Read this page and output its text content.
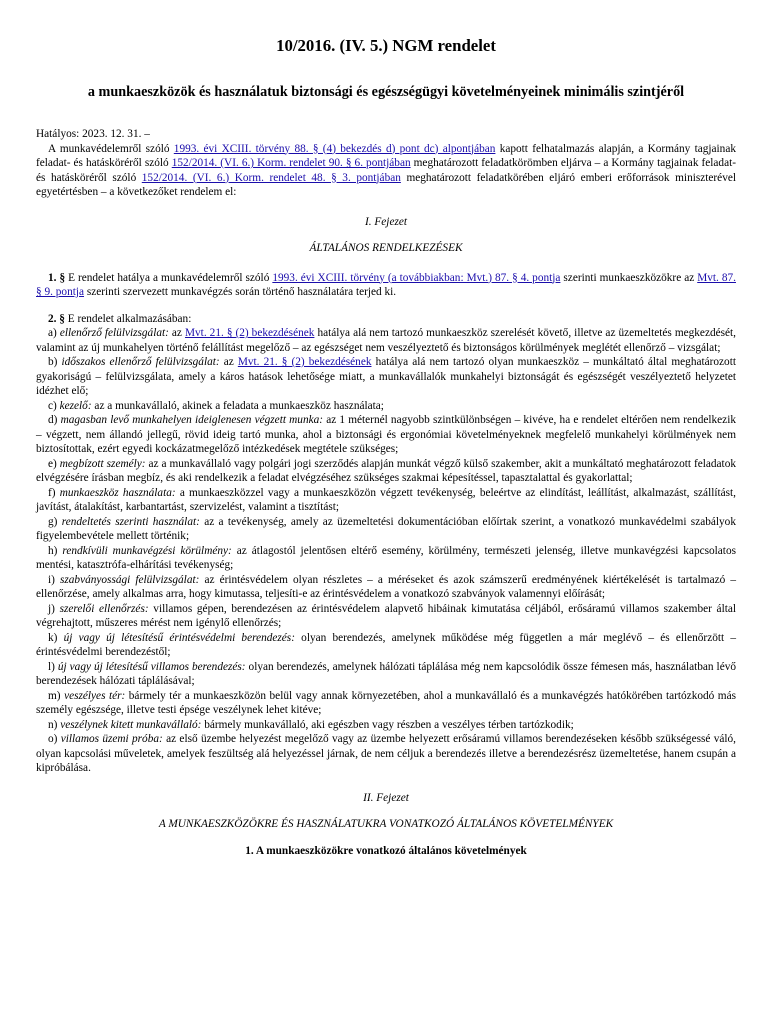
10/2016. (IV. 5.) NGM rendelet
a munkaeszközök és használatuk biztonsági és egészségügyi követelményeinek minimális szintjéről

Hatályos: 2023. 12. 31. –

A munkavédelemről szóló 1993. évi XCIII. törvény 88. § (4) bekezdés d) pont dc) alpontjában kapott felhatalmazás alapján, a Kormány tagjainak feladat- és hatásköréről szóló 152/2014. (VI. 6.) Korm. rendelet 90. § 6. pontjában meghatározott feladatkörömben eljárva – a Kormány tagjainak feladat- és hatásköréről szóló 152/2014. (VI. 6.) Korm. rendelet 48. § 3. pontjában meghatározott feladatkörében eljáró emberi erőforrások miniszterével egyetértésben – a következőket rendelem el:

I. Fejezet

ÁLTALÁNOS RENDELKEZÉSEK

1. § E rendelet hatálya a munkavédelemről szóló 1993. évi XCIII. törvény (a továbbiakban: Mvt.) 87. § 4. pontja szerinti munkaeszközökre az Mvt. 87. § 9. pontja szerinti szervezett munkavégzés során történő használatára terjed ki.

2. § E rendelet alkalmazásában:

a) ellenőrző felülvizsgálat: az Mvt. 21. § (2) bekezdésének hatálya alá nem tartozó munkaeszköz szerelését követő, illetve az üzemeltetés megkezdését, valamint az új munkahelyen történő felállítást megelőző – az egészséget nem veszélyeztető és biztonságos körülmények meglétét ellenőrző – vizsgálat;

b) időszakos ellenőrző felülvizsgálat: az Mvt. 21. § (2) bekezdésének hatálya alá nem tartozó olyan munkaeszköz – munkáltató által meghatározott gyakoriságú – felülvizsgálata, amely a káros hatások lehetősége miatt, a munkavállalók munkahelyi biztonságát és egészségét veszélyeztető helyzetet idézhet elő;

c) kezelő: az a munkavállaló, akinek a feladata a munkaeszköz használata;

d) magasban levő munkahelyen ideiglenesen végzett munka: az 1 méternél nagyobb szintkülönbségen – kivéve, ha e rendelet eltérően nem rendelkezik – végzett, nem állandó jellegű, rövid ideig tartó munka, ahol a biztonsági és ergonómiai követelményeknek megfelelő munkahelyi körülmények nem biztosítottak, ezért egyedi kockázatmegelőző intézkedések megtétele szükséges;

e) megbízott személy: az a munkavállaló vagy polgári jogi szerződés alapján munkát végző külső szakember, akit a munkáltató meghatározott feladatok elvégzésére írásban megbíz, és aki rendelkezik a feladat elvégzéséhez szükséges szakmai képesítéssel, tapasztalattal és gyakorlattal;

f) munkaeszköz használata: a munkaeszközzel vagy a munkaeszközön végzett tevékenység, beleértve az elindítást, leállítást, alkalmazást, szállítást, javítást, átalakítást, karbantartást, szervizelést, valamint a tisztítást;

g) rendeltetés szerinti használat: az a tevékenység, amely az üzemeltetési dokumentációban előírtak szerint, a vonatkozó munkavédelmi szabályok figyelembevétele mellett történik;

h) rendkívüli munkavégzési körülmény: az átlagostól jelentősen eltérő esemény, körülmény, természeti jelenség, illetve munkavégzési kapcsolatos mentési, katasztrófa-elhárítási tevékenység;

i) szabványossági felülvizsgálat: az érintésvédelem olyan részletes – a méréseket és azok számszerű eredményének kiértékelését is tartalmazó – ellenőrzése, amely alkalmas arra, hogy kimutassa, teljesíti-e az érintésvédelem a vonatkozó szabványok valamennyi előírását;

j) szerelői ellenőrzés: villamos gépen, berendezésen az érintésvédelem alapvető hibáinak kimutatása céljából, erősáramú villamos szakember által végrehajtott, műszeres mérést nem igénylő ellenőrzés;

k) új vagy új létesítésű érintésvédelmi berendezés: olyan berendezés, amelynek működése még független a már meglévő – és ellenőrzött – érintésvédelmi berendezéstől;

l) új vagy új létesítésű villamos berendezés: olyan berendezés, amelynek hálózati táplálása még nem kapcsolódik össze fémesen más, használatban lévő berendezések hálózati táplálásával;

m) veszélyes tér: bármely tér a munkaeszközön belül vagy annak környezetében, ahol a munkavállaló és a munkavégzés hatókörében tartózkodó más személy egészsége, illetve testi épsége veszélynek lehet kitéve;

n) veszélynek kitett munkavállaló: bármely munkavállaló, aki egészben vagy részben a veszélyes térben tartózkodik;

o) villamos üzemi próba: az első üzembe helyezést megelőző vagy az üzembe helyezett erősáramú villamos berendezéseken később szükségessé váló, olyan kapcsolási műveletek, amelyek feszültség alá helyezéssel járnak, de nem céljuk a berendezés illetve a berendezésrész üzemeltetése, hanem csupán a kipróbálása.

II. Fejezet

A MUNKAESZKÖZÖKRE ÉS HASZNÁLATUKRA VONATKOZÓ ÁLTALÁNOS KÖVETELMÉNYEK

1. A munkaeszközökre vonatkozó általános követelmények
